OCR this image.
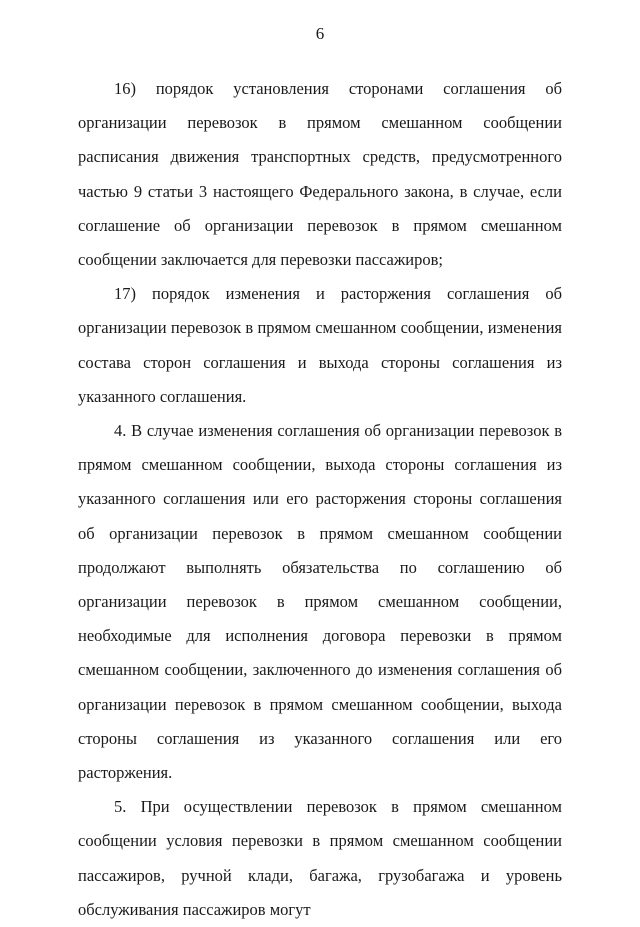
6

16) порядок установления сторонами соглашения об организации перевозок в прямом смешанном сообщении расписания движения транспортных средств, предусмотренного частью 9 статьи 3 настоящего Федерального закона, в случае, если соглашение об организации перевозок в прямом смешанном сообщении заключается для перевозки пассажиров;

17) порядок изменения и расторжения соглашения об организации перевозок в прямом смешанном сообщении, изменения состава сторон соглашения и выхода стороны соглашения из указанного соглашения.

4. В случае изменения соглашения об организации перевозок в прямом смешанном сообщении, выхода стороны соглашения из указанного соглашения или его расторжения стороны соглашения об организации перевозок в прямом смешанном сообщении продолжают выполнять обязательства по соглашению об организации перевозок в прямом смешанном сообщении, необходимые для исполнения договора перевозки в прямом смешанном сообщении, заключенного до изменения соглашения об организации перевозок в прямом смешанном сообщении, выхода стороны соглашения из указанного соглашения или его расторжения.

5. При осуществлении перевозок в прямом смешанном сообщении условия перевозки в прямом смешанном сообщении пассажиров, ручной клади, багажа, грузобагажа и уровень обслуживания пассажиров могут
